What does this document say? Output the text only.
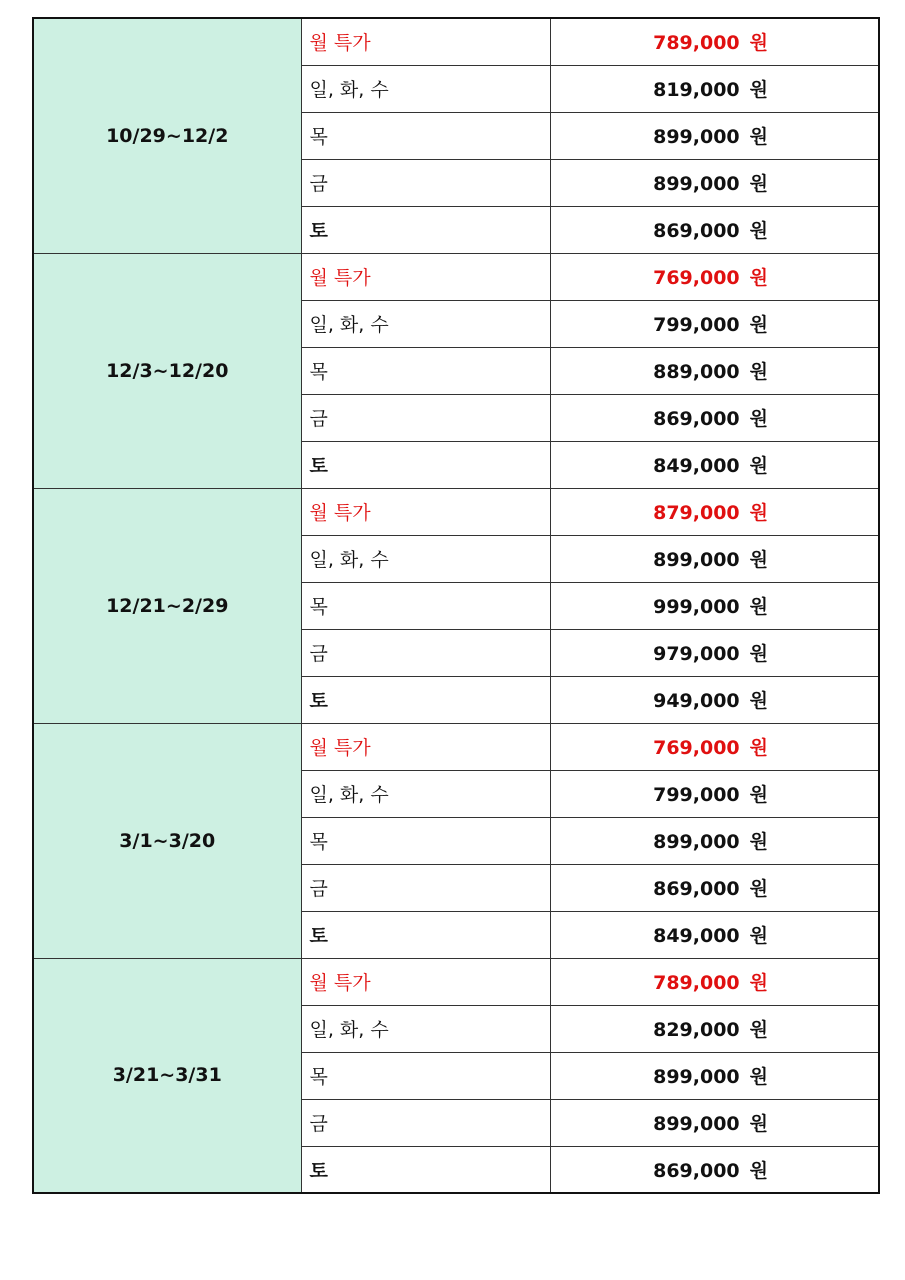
10/29~12/2	월 특가	789,000 원
	일, 화, 수	819,000 원
	목	899,000 원
	금	899,000 원
	토	869,000 원
12/3~12/20	월 특가	769,000 원
	일, 화, 수	799,000 원
	목	889,000 원
	금	869,000 원
	토	849,000 원
12/21~2/29	월 특가	879,000 원
	일, 화, 수	899,000 원
	목	999,000 원
	금	979,000 원
	토	949,000 원
3/1~3/20	월 특가	769,000 원
	일, 화, 수	799,000 원
	목	899,000 원
	금	869,000 원
	토	849,000 원
3/21~3/31	월 특가	789,000 원
	일, 화, 수	829,000 원
	목	899,000 원
	금	899,000 원
	토	869,000 원
